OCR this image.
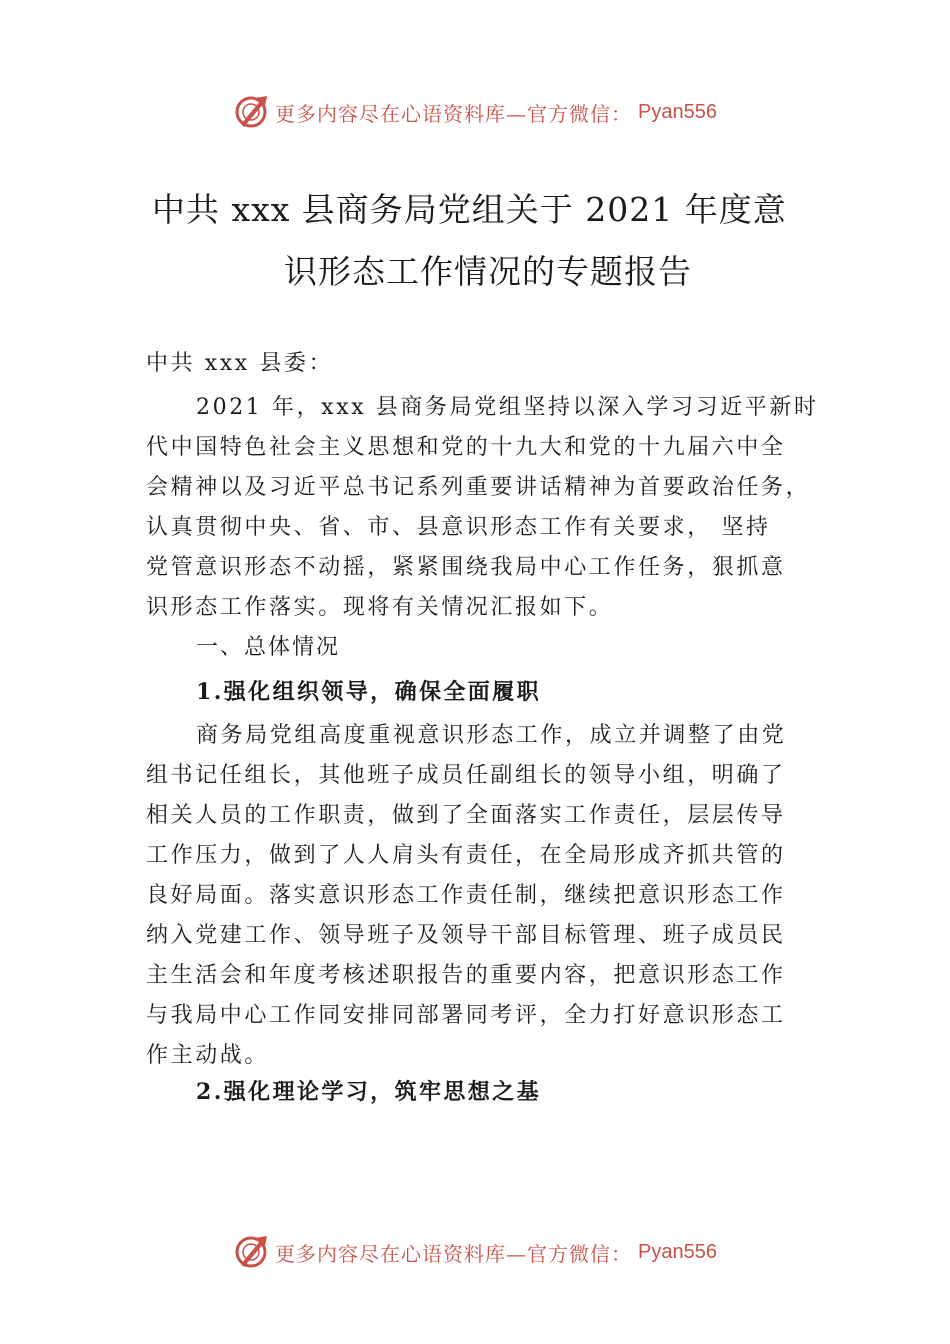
更多内容尽在心语资料库—官方微信： Pyan556
中共 xxx 县商务局党组关于 2021 年度意
识形态工作情况的专题报告
中共 xxx 县委：
2021 年，xxx 县商务局党组坚持以深入学习习近平新时
代中国特色社会主义思想和党的十九大和党的十九届六中全
会精神以及习近平总书记系列重要讲话精神为首要政治任务，
认真贯彻中央、省、市、县意识形态工作有关要求， 坚持
党管意识形态不动摇，紧紧围绕我局中心工作任务，狠抓意
识形态工作落实。现将有关情况汇报如下。
一、总体情况
1.强化组织领导，确保全面履职
商务局党组高度重视意识形态工作，成立并调整了由党
组书记任组长，其他班子成员任副组长的领导小组，明确了
相关人员的工作职责，做到了全面落实工作责任，层层传导
工作压力，做到了人人肩头有责任，在全局形成齐抓共管的
良好局面。落实意识形态工作责任制，继续把意识形态工作
纳入党建工作、领导班子及领导干部目标管理、班子成员民
主生活会和年度考核述职报告的重要内容，把意识形态工作
与我局中心工作同安排同部署同考评，全力打好意识形态工
作主动战。
2.强化理论学习，筑牢思想之基
更多内容尽在心语资料库—官方微信： Pyan556
